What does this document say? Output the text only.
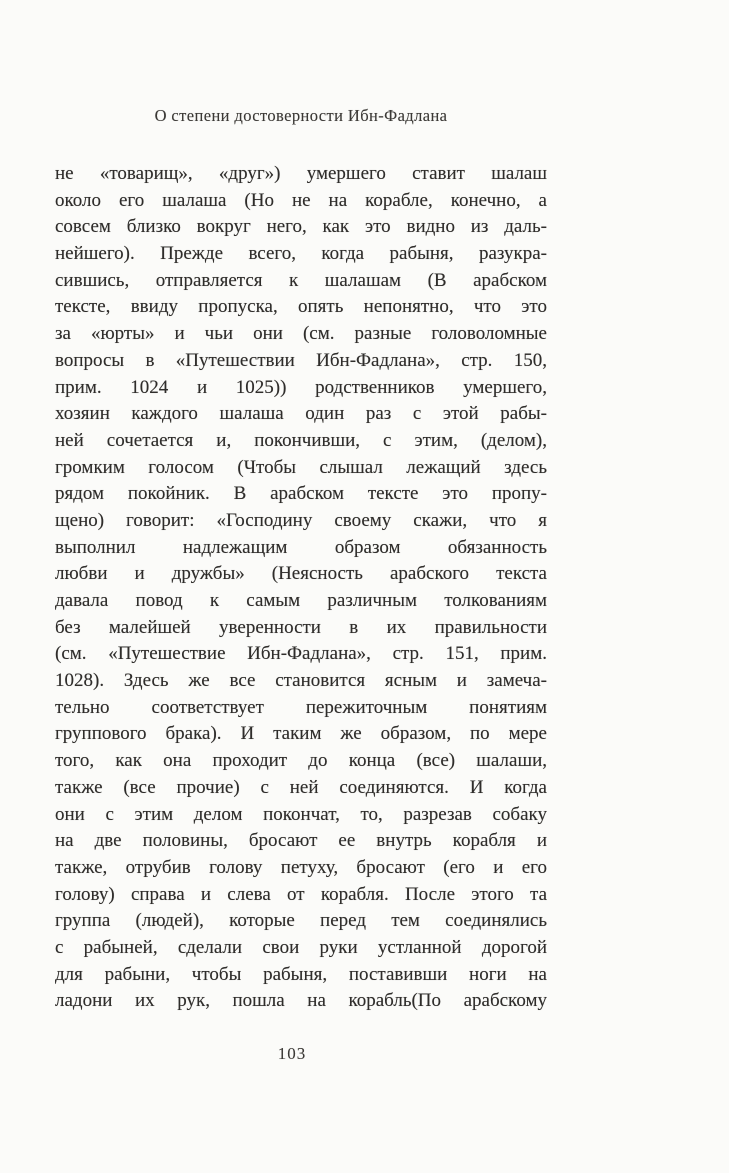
О степени достоверности Ибн-Фадлана
не «товарищ», «друг») умершего ставит шалаш
около его шалаша (Но не на корабле, конечно, а
совсем близко вокруг него, как это видно из даль-
нейшего). Прежде всего, когда рабыня, разукра-
сившись, отправляется к шалашам (В арабском
тексте, ввиду пропуска, опять непонятно, что это
за «юрты» и чьи они (см. разные головоломные
вопросы в «Путешествии Ибн-Фадлана», стр. 150,
прим. 1024 и 1025)) родственников умершего,
хозяин каждого шалаша один раз с этой рабы-
ней сочетается и, покончивши, с этим, (делом),
громким голосом (Чтобы слышал лежащий здесь
рядом покойник. В арабском тексте это пропу-
щено) говорит: «Господину своему скажи, что я
выполнил надлежащим образом обязанность
любви и дружбы» (Неясность арабского текста
давала повод к самым различным толкованиям
без малейшей уверенности в их правильности
(см. «Путешествие Ибн-Фадлана», стр. 151, прим.
1028). Здесь же все становится ясным и замеча-
тельно соответствует пережиточным понятиям
группового брака). И таким же образом, по мере
того, как она проходит до конца (все) шалаши,
также (все прочие) с ней соединяются. И когда
они с этим делом покончат, то, разрезав собаку
на две половины, бросают ее внутрь корабля и
также, отрубив голову петуху, бросают (его и его
голову) справа и слева от корабля. После этого та
группа (людей), которые перед тем соединялись
с рабыней, сделали свои руки устланной дорогой
для рабыни, чтобы рабыня, поставивши ноги на
ладони их рук, пошла на корабль(По арабскому
103
